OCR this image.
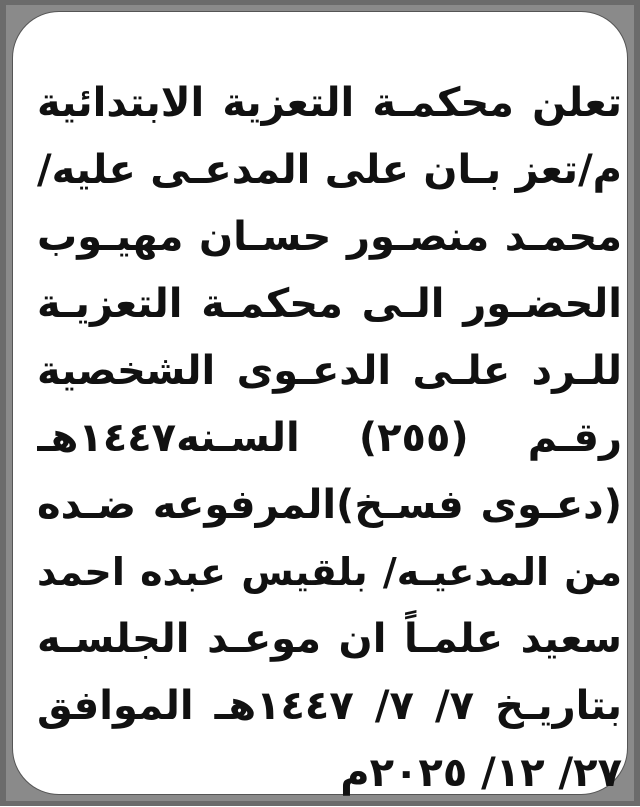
تعلن محكمـة التعزية الابتدائية
م/تعز بـان على المدعـى عليه/
محمـد منصـور حسـان مهيـوب
الحضـور الـى محكمـة التعزيـة
للـرد علـى الدعـوى الشخصية
رقـم (٢٥٥) السـنه١٤٤٧هـ
(دعـوى فسـخ)المرفوعه ضـده
من المدعيـه/ بلقيس عبده احمد
سعيد علمـاً ان موعـد الجلسـه
بتاريـخ ٧/ ٧/ ١٤٤٧هـ الموافق
٢٧/ ١٢/ ٢٠٢٥م
